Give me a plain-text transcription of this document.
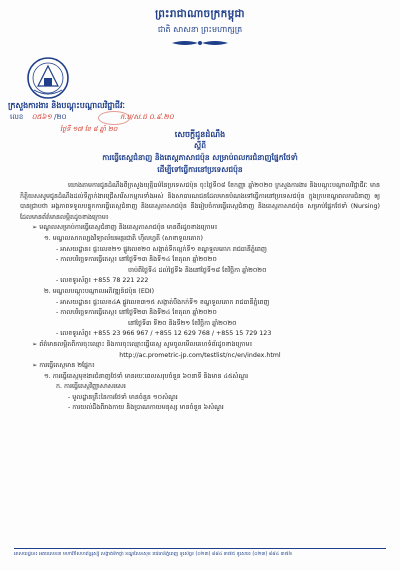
ព្រះរាជាណាចក្រកម្ពុជា
ជាតិ សាសនា ព្រះមហាក្សត្រ
ក្រសួងការងារ និងបណ្តុះបណ្តាលវិជ្ជាជីវៈ
លេខ ០៥៦១ /២០	ក.ប/ស.ជ ០.៩.២០
ថ្ងៃទី ១៧ ខែ ៨ ឆ្នាំ ២០
សេចក្តីជូនដំណឹង
ស្តីពី
ការធ្វើតេស្តជំនាញ និងតេស្តភាសាជប៉ុន សម្រាប់ពលករជំនាញផ្នែកថែទាំ
ដើម្បីទៅធ្វើការនៅប្រទេសជប៉ុន

យោងតាមការជូនដំណឹងពីក្រសួងយុត្តិធម៌នៃប្រទេសជប៉ុន ចុះថ្ងៃទី០៨ ខែកញ្ញា ឆ្នាំ២០២០ ក្រសួងការងារ និងបណ្តុះបណ្តាលវិជ្ជាជីវៈ មានកិត្តិយសសូមជូនដំណឹងដល់ទីភ្នាក់ងារជ្រើសរើសកម្មករទាំងអស់ និងសាធារណជនដែលមានបំណងទៅធ្វើការនៅប្រទេសជប៉ុន ក្នុងក្របខណ្ឌពលករជំនាញ ឲ្យបានជ្រាបថា អង្គភាពទទួលបន្ទុកការធ្វើតេស្តជំនាញ និងតេស្តភាសាជប៉ុន នឹងរៀបចំការធ្វើតេស្តជំនាញ និងតេស្តភាសាជប៉ុន សម្រាប់ផ្នែកថែទាំ (Nursing) ដែលមានព័ត៌មានលម្អិតដូចខាងក្រោម៖

➢ មណ្ឌលសម្រាប់ការធ្វើតេស្តជំនាញ និងតេស្តភាសាជប៉ុន មានពីរដូចខាងក្រោម៖

១. មណ្ឌលសាកល្បងវិទ្យាល័យអន្តរជាតិ ហ៊ីលហ្វតី (សាខាទួលគោក)

- អាសយដ្ឋាន៖ ផ្ទះលេខ២១ ផ្លូវលេខ២០ សង្កាត់ទឹកល្អក់ទី១ ខណ្ឌទួលគោក រាជធានីភ្នំពេញ

- កាលបរិច្ឆេទការធ្វើតេស្ត៖ នៅថ្ងៃទី១៣ និងទី១៤ ខែតុលា ឆ្នាំ២០២០

ចាប់ពីថ្ងៃទី៤ ដល់ថ្ងៃទី៦ និងនៅថ្ងៃទី១៨ ខែវិច្ឆិកា ឆ្នាំ២០២០

- លេខទូរស័ព្ទ៖ +855 78 221 222

២. មណ្ឌលបណ្តុះបណ្តាលអភិវឌ្ឍន៍ជប៉ុន (EDI)

- អាសយដ្ឋាន៖ ផ្ទះលេខ៤A ផ្លូវលេខ៣១៥ សង្កាត់បឹងកក់ទី១ ខណ្ឌទួលគោក រាជធានីភ្នំពេញ

- កាលបរិច្ឆេទការធ្វើតេស្ត៖ នៅថ្ងៃទី២៣ និងទី២៤ ខែតុលា ឆ្នាំ២០២០

នៅថ្ងៃទី៣ ទី២០ និងទី២១ ខែវិច្ឆិកា ឆ្នាំ២០២០

- លេខទូរស័ព្ទ៖ +855 23 966 967 / +855 12 629 768 / +855 15 729 123

➢ ព័ត៌មានលម្អិតពីការចុះឈ្មោះ និងការចុះឈ្មោះធ្វើតេស្ត សូមចូលមើលគេហទំព័រដូចខាងក្រោម៖

http://ac.prometric-jp.com/testlist/nc/en/index.html

➢ ការធ្វើតេស្តមាន ២ផ្នែក៖

១. ការធ្វើតេស្តមុខងារជំនាញថែទាំ មានរយៈពេលសរុបចំនួន ៦០នាទី និងមាន ៤៥សំណួរ

ក. ការធ្វើតេស្តវិញ្ញាសាសរសេរ

- មូលដ្ឋានគ្រឹះនៃការថែទាំ មានចំនួន ១០សំណួរ

- ការយល់ដឹងពីរាងកាយ និងប្រាណកាយមនុស្ស មានចំនួន ៦សំណួរ

អាសយដ្ឋាន៖ អគារលេខ៣ មហាវិថីសហព័ន្ធរុស្ស៊ី សង្កាត់ទឹកថ្លា ខណ្ឌសែនសុខ រាជធានីភ្នំពេញ ទូរស័ព្ទ៖ (០២៣) ៨៨៤ ៣៧៥ ទូរសារ៖ (០២៣) ៨៨៤ ៣៧៦
